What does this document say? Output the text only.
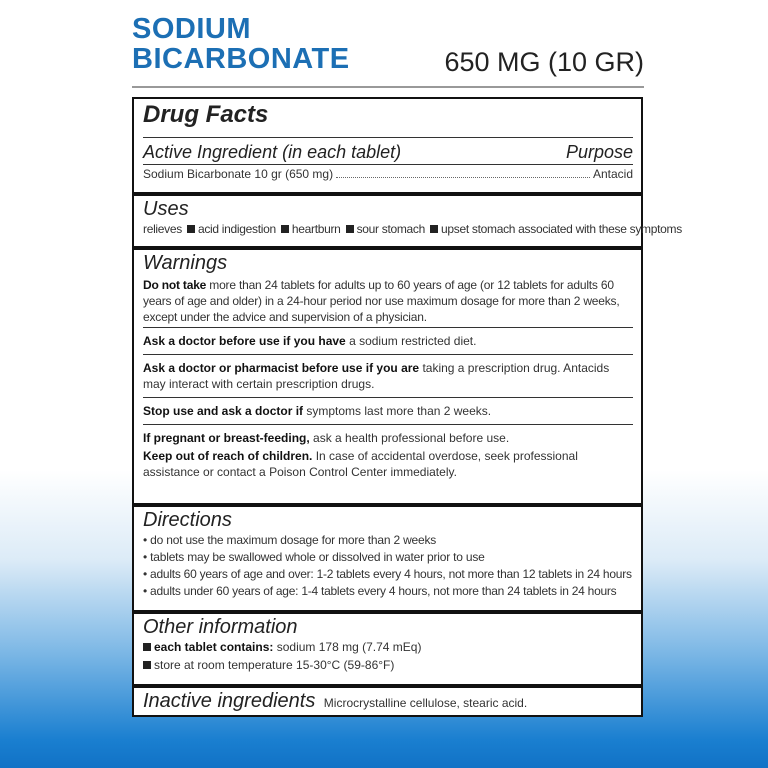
SODIUM
BICARBONATE	650 MG (10 GR)
Drug Facts
Active Ingredient (in each tablet)	Purpose
Sodium Bicarbonate 10 gr (650 mg)	Antacid
Uses
relieves acid indigestion heartburn sour stomach upset stomach associated with these symptoms
Warnings
Do not take more than 24 tablets for adults up to 60 years of age (or 12 tablets for adults 60 years of age and older) in a 24-hour period nor use maximum dosage for more than 2 weeks, except under the advice and supervision of a physician.
Ask a doctor before use if you have a sodium restricted diet.
Ask a doctor or pharmacist before use if you are taking a prescription drug. Antacids may interact with certain prescription drugs.
Stop use and ask a doctor if symptoms last more than 2 weeks.
If pregnant or breast-feeding, ask a health professional before use.
Keep out of reach of children. In case of accidental overdose, seek professional assistance or contact a Poison Control Center immediately.
Directions
• do not use the maximum dosage for more than 2 weeks
• tablets may be swallowed whole or dissolved in water prior to use
• adults 60 years of age and over: 1-2 tablets every 4 hours, not more than 12 tablets in 24 hours
• adults under 60 years of age: 1-4 tablets every 4 hours, not more than 24 tablets in 24 hours
Other information
each tablet contains: sodium 178 mg (7.74 mEq)
store at room temperature 15-30°C (59-86°F)
Inactive ingredients Microcrystalline cellulose, stearic acid.
